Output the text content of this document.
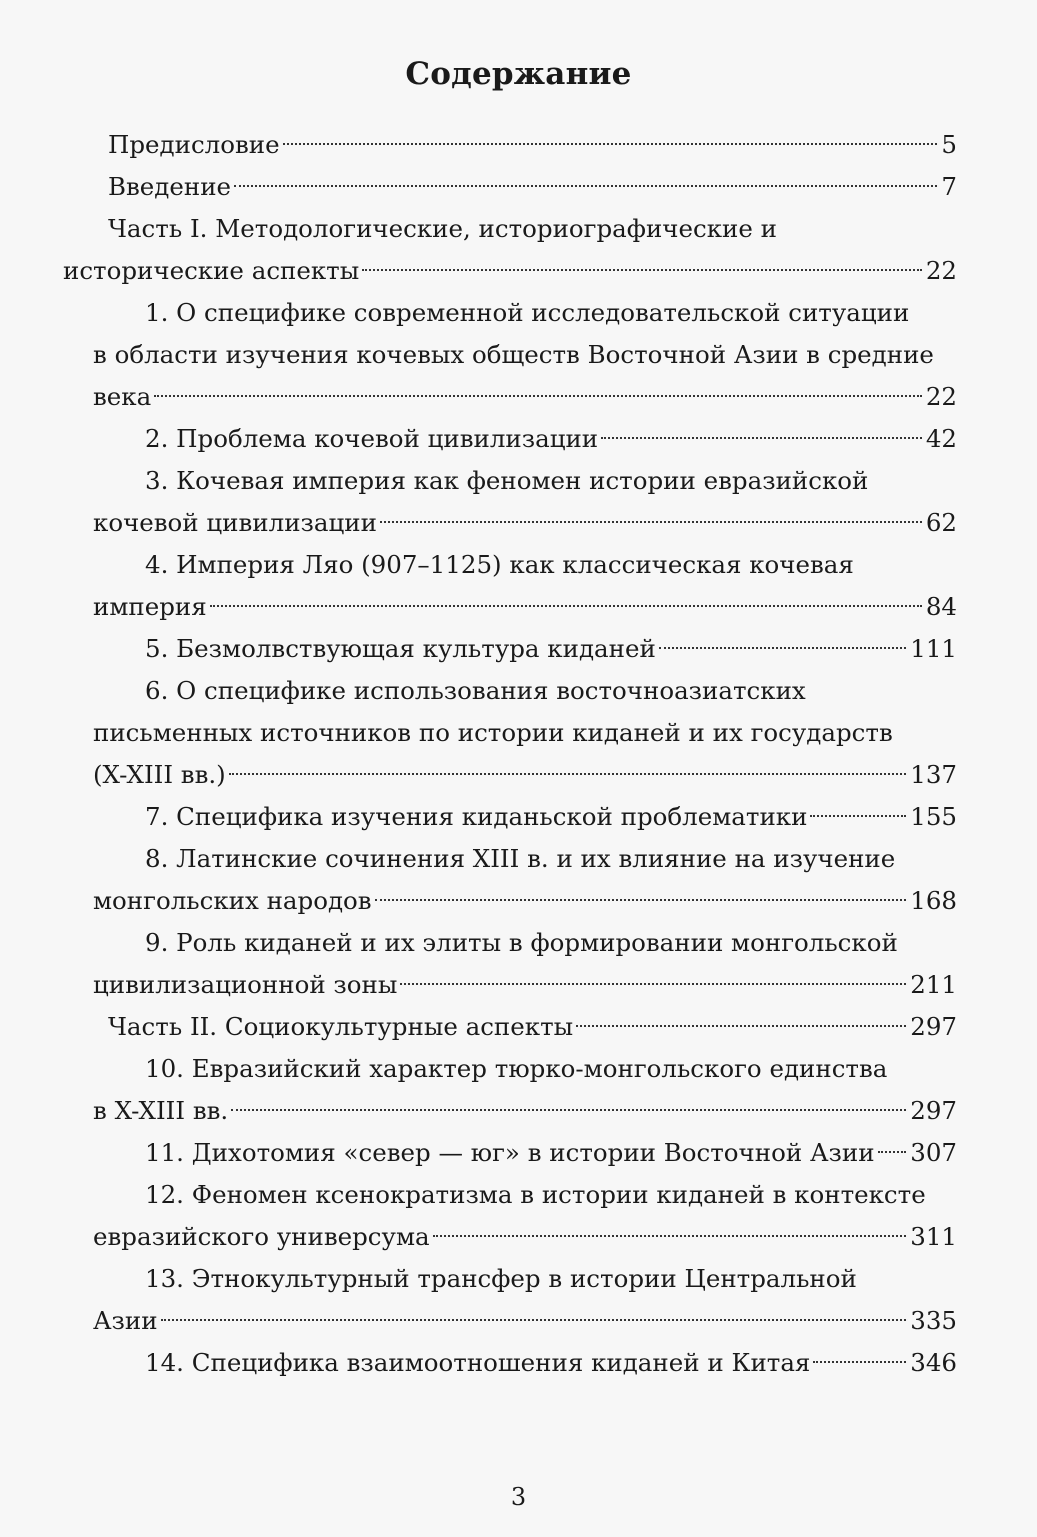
Содержание
Предисловие	5
Введение	7
Часть I. Методологические, историографические и
исторические аспекты	22
1. О специфике современной исследовательской ситуации
в области изучения кочевых обществ Восточной Азии в средние
века	22
2. Проблема кочевой цивилизации	42
3. Кочевая империя как феномен истории евразийской
кочевой цивилизации	62
4. Империя Ляо (907–1125) как классическая кочевая
империя	84
5. Безмолвствующая культура киданей	111
6. О специфике использования восточноазиатских
письменных источников по истории киданей и их государств
(X-XIII вв.)	137
7. Специфика изучения киданьской проблематики	155
8. Латинские сочинения XIII в. и их влияние на изучение
монгольских народов	168
9. Роль киданей и их элиты в формировании монгольской
цивилизационной зоны	211
Часть II. Социокультурные аспекты	297
10. Евразийский характер тюрко-монгольского единства
в X-XIII вв.	297
11. Дихотомия «север — юг» в истории Восточной Азии 307
12. Феномен ксенократизма в истории киданей в контексте
евразийского универсума	311
13. Этнокультурный трансфер в истории Центральной
Азии	335
14. Специфика взаимоотношения киданей и Китая	346
3
